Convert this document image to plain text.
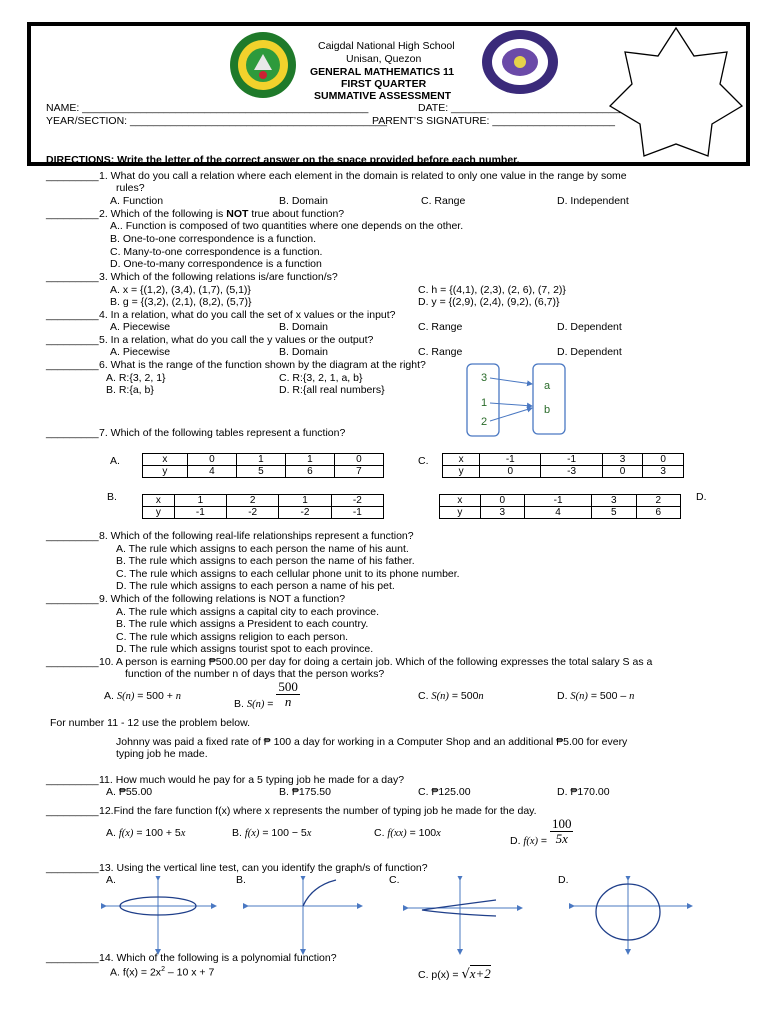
Caigdal National High School
Unisan, Quezon
GENERAL MATHEMATICS 11
FIRST QUARTER
SUMMATIVE ASSESSMENT
NAME: _________________________________________________	DATE: _____________________________
YEAR/SECTION: ____________________________________________
PARENT’S SIGNATURE: _____________________
DIRECTIONS: Write the letter of the correct answer on the space provided before each number.
_________ 1. What do you call a relation where each element in the domain is related to only one value in the range by some
rules?
A. Function	B. Domain	C. Range	D. Independent
_________ 2. Which of the following is NOT true about function?
A.. Function is composed of two quantities where one depends on the other.
B. One-to-one correspondence is a function.
C. Many-to-one correspondence is a function.
D. One-to-many correspondence is a function
_________ 3. Which of the following relations is/are function/s?
A. x = {(1,2), (3,4), (1,7), (5,1)}
B. g = {(3,2), (2,1), (8,2), (5,7)}
C. h = {(4,1), (2,3), (2, 6), (7, 2)}
D. y = {(2,9), (2,4), (9,2), (6,7)}
_________ 4. In a relation, what do you call the set of x values or the input?
A. Piecewise	B. Domain	C. Range	D. Dependent
_________ 5. In a relation, what do you call the y values or the output?
A. Piecewise	B. Domain	C. Range	D. Dependent
_________ 6. What is the range of the function shown by the diagram at the right?
A. R:{3, 2, 1}	C. R:{3, 2, 1, a, b}
B. R:{a, b}	D. R:{all real numbers}
3
1
2
a
b
_________ 7. Which of the following tables represent a function?
A.	x	0	1	1	0
y	4	5	6	7
C.	x	-1	-1	3	0
y	0	-3	0	3
B.	x	1	2	1	-2
y	-1	-2	-2	-1
x	0	-1	3	2
y	3	4	5	6
D.
_________ 8. Which of the following real-life relationships represent a function?
A. The rule which assigns to each person the name of his aunt.
B. The rule which assigns to each person the name of his father.
C. The rule which assigns to each cellular phone unit to its phone number.
D. The rule which assigns to each person a name of his pet.
_________ 9. Which of the following relations is NOT a function?
A. The rule which assigns a capital city to each province.
B. The rule which assigns a President to each country.
C. The rule which assigns religion to each person.
D. The rule which assigns tourist spot to each province.
_________ 10. A person is earning ₱500.00 per day for doing a certain job. Which of the following expresses the total salary S as a
function of the number n of days that the person works?
A. S(n) = 500 + n
B. $S(n) = \frac{500}{n}$	C. S(n) = 500n	D. S(n) = 500 – n
For number 11 - 12 use the problem below.
Johnny was paid a fixed rate of ₱ 100 a day for working in a Computer Shop and an additional ₱5.00 for every
typing job he made.
_________ 11. How much would he pay for a 5 typing job he made for a day?
A. ₱55.00	B. ₱175.50	C. ₱125.00	D. ₱170.00
_________ 12.Find the fare function f(x) where x represents the number of typing job he made for the day.
A. f(x) = 100 + 5x	B. f(x) = 100 − 5x	C. f(xx) = 100x
D. $f(x) = \frac{100}{5x}$
_________ 13. Using the vertical line test, can you identify the graph/s of function?
A.	B.	C.	D.
_________ 14. Which of the following is a polynomial function?
A. $f(x) = 2x^2 - 10$ x + 7	C. p(x) = √x+2
